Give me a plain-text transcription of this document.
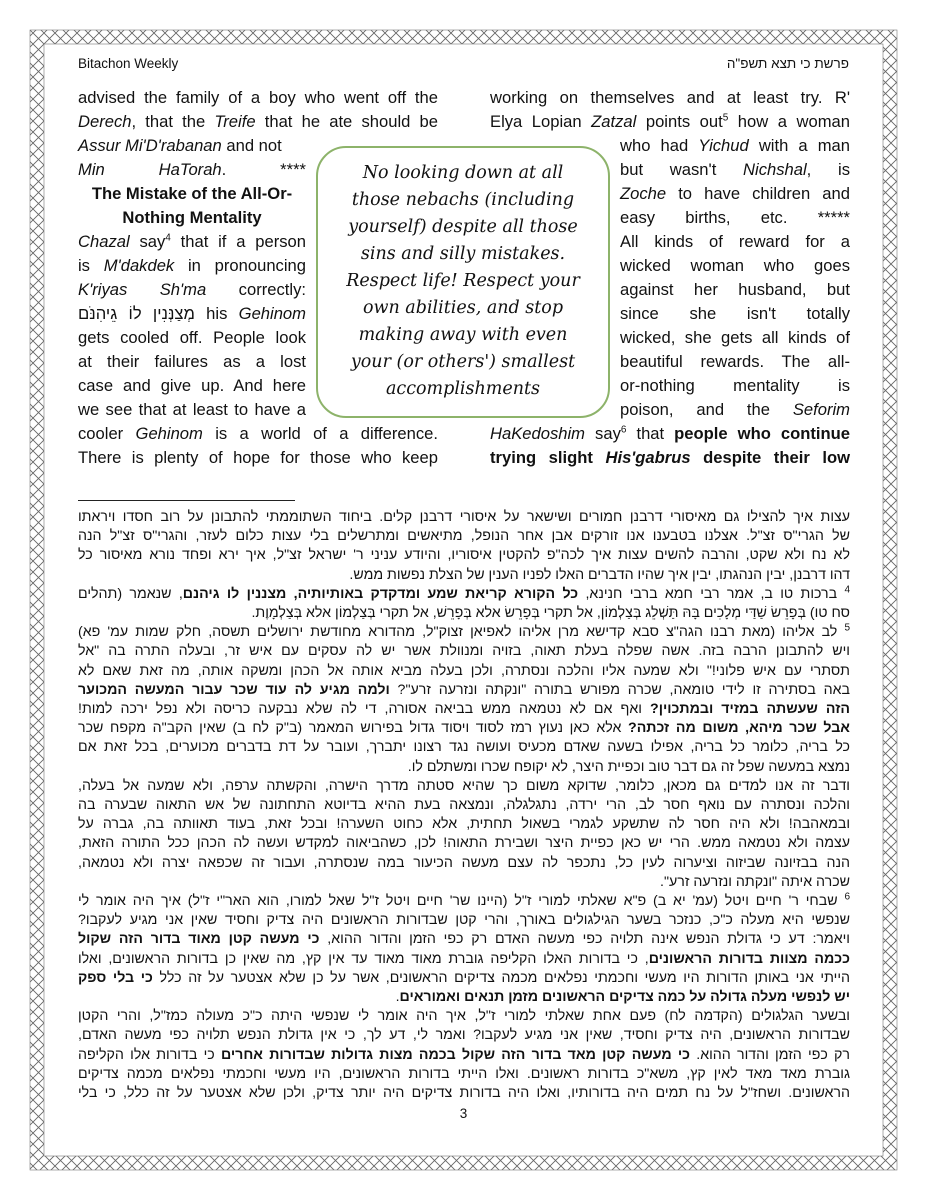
Bitachon Weekly	פרשת כי תצא תשפ"ה
advised the family of a boy who went off the
Derech, that the Treife that he ate should be
Assur Mi'D'rabanan and not
Min HaTorah. ****
The Mistake of the All-Or-
Nothing Mentality
Chazal say$^4$ that if a person
is M'dakdek in pronouncing
K'riyas Sh'ma correctly:
מְצַנְּנִין לוֹ גֵיהִנֹּם his Gehinom
gets cooled off. People look
at their failures as a lost
case and give up. And here
we see that at least to have a
cooler Gehinom is a world of a difference.
There is plenty of hope for those who keep
working on themselves and at least try. R'
Elya Lopian Zatzal points out$^5$ how a woman
who had Yichud with a man
but wasn't Nichshal, is
Zoche to have children and
easy births, etc. *****
All kinds of reward for a
wicked woman who goes
against her husband, but
since she isn't totally
wicked, she gets all kinds of
beautiful rewards. The all-
or-nothing mentality is
poison, and the Seforim
HaKedoshim say$^6$ that people who continue
trying slight His'gabrus despite their low
No looking down at all
those nebachs (including
yourself) despite all those
sins and silly mistakes.
Respect life! Respect your
own abilities, and stop
making away with even
your (or others') smallest
accomplishments
עצות איך להצילו גם מאיסורי דרבנן חמורים ושישאר על איסורי דרבנן קלים. ביחוד השתוממתי להתבונן על רוב חסדו ויראתו
של הגרי"ס זצ"ל. אצלנו בטבענו אנו זורקים אבן אחר הנופל, מתיאשים ומתרשלים בלי עצות כלום לעזר, והגרי"ס זצ"ל הנה
לא נח ולא שקט, והרבה להשים עצות איך לכה"פ להקטין איסוריו, והיודע עניני ר' ישראל זצ"ל, איך ירא ופחד נורא מאיסור כל
דהו דרבנן, יבין הנהגתו, יבין איך שהיו הדברים האלו לפניו הענין של הצלת נפשות ממש.
$^4$ ברכות טו ב, אמר רבי חמא ברבי חנינא, כל הקורא קריאת שמע ומדקדק באותיותיה, מצננין לו גיהנם, שנאמר (תהלים
סח טו) בְּפָרֵשׂ שַׁדַּי מְלָכִים בָּהּ תַּשְׁלֵג בְּצַלְמוֹן, אל תקרי בְּפָרֵשׂ אלא בְּפָרֵשׁ, אל תקרי בְּצַלְמוֹן אלא בְּצַלְמָוֶת.
$^5$ לב אליהו (מאת רבנו הגה"צ סבא קדישא מרן אליהו לאפיאן זצוק"ל, מהדורא מחודשת ירושלים תשסה, חלק שמות עמ' פא)
ויש להתבונן הרבה בזה. אשה שפלה בעלת תאוה, בזויה ומנוולת אשר יש לה עסקים עם איש זר, ובעלה התרה בה "אל
תסתרי עם איש פלוני!" ולא שמעה אליו והלכה ונסתרה, ולכן בעלה מביא אותה אל הכהן ומשקה אותה, מה זאת שאם לא
באה בסתירה זו לידי טומאה, שכרה מפורש בתורה "ונקתה ונזרעה זרע"? ולמה מגיע לה עוד שכר עבור המעשה המכוער
הזה שעשתה במזיד ובמתכוין? ואף אם לא נטמאה ממש בביאה אסורה, די לה שלא נבקעה כריסה ולא נפל ירכה למות!
אבל שכר מיהא, משום מה זכתה? אלא כאן נעוץ רמז לסוד ויסוד גדול בפירוש המאמר (ב"ק לח ב) שאין הקב"ה מקפח שכר
כל בריה, כלומר כל בריה, אפילו בשעה שאדם מכעיס ועושה נגד רצונו יתברך, ועובר על דת בדברים מכוערים, בכל זאת אם
נמצא במעשה שפל זה גם דבר טוב וכפיית היצר, לא יקופח שכרו ומשתלם לו.
ודבר זה אנו למדים גם מכאן, כלומר, שדוקא משום כך שהיא סטתה מדרך הישרה, והקשתה ערפה, ולא שמעה אל בעלה,
והלכה ונסתרה עם נואף חסר לב, הרי ירדה, נתגלגלה, ונמצאה בעת ההיא בדיוטא התחתונה של אש התאוה שבערה בה
ובמאהבה! ולא היה חסר לה שתשקע לגמרי בשאול תחתית, אלא כחוט השערה! ובכל זאת, בעוד תאוותה בה, גברה על
עצמה ולא נטמאה ממש. הרי יש כאן כפיית היצר ושבירת התאוה! לכן, כשהביאוה למקדש ועשה לה הכהן ככל התורה הזאת,
הנה בבזיונה שביזוה וציערוה לעין כל, נתכפר לה עצם מעשה הכיעור במה שנסתרה, ועבור זה שכפאה יצרה ולא נטמאה,
שכרה איתה "ונקתה ונזרעה זרע".
$^6$ שבחי ר' חיים ויטל (עמ' יא ב) פ"א שאלתי למורי ז"ל (היינו שר' חיים ויטל ז"ל שאל למורו, הוא האר"י ז"ל) איך היה אומר לי
שנפשי היא מעלה כ"כ, כנזכר בשער הגילגולים באורך, והרי קטן שבדורות הראשונים היה צדיק וחסיד שאין אני מגיע לעקבו?
ויאמר: דע כי גדולת הנפש אינה תלויה כפי מעשה האדם רק כפי הזמן והדור ההוא, כי מעשה קטן מאוד בדור הזה שקול
ככמה מצוות בדורות הראשונים, כי בדורות האלו הקליפה גוברת מאוד מאוד עד אין קץ, מה שאין כן בדורות הראשונים, ואלו
הייתי אני באותן הדורות היו מעשי וחכמתי נפלאים מכמה צדיקים הראשונים, אשר על כן שלא אצטער על זה כלל כי בלי ספק
יש לנפשי מעלה גדולה על כמה צדיקים הראשונים מזמן תנאים ואמוראים.
ובשער הגלגולים (הקדמה לח) פעם אחת שאלתי למורי ז"ל, איך היה אומר לי שנפשי היתה כ"כ מעולה כמז"ל, והרי הקטן
שבדורות הראשונים, היה צדיק וחסיד, שאין אני מגיע לעקבו? ואמר לי, דע לך, כי אין גדולת הנפש תלויה כפי מעשה האדם,
רק כפי הזמן והדור ההוא. כי מעשה קטן מאד בדור הזה שקול בכמה מצות גדולות שבדורות אחרים כי בדורות אלו הקליפה
גוברת מאד מאד לאין קץ, משא"כ בדורות ראשונים. ואלו הייתי בדורות הראשונים, היו מעשי וחכמתי נפלאים מכמה צדיקים
הראשונים. ושחז"ל על נח תמים היה בדורותיו, ואלו היה בדורות צדיקים היה יותר צדיק, ולכן שלא אצטער על זה כלל, כי בלי
3
